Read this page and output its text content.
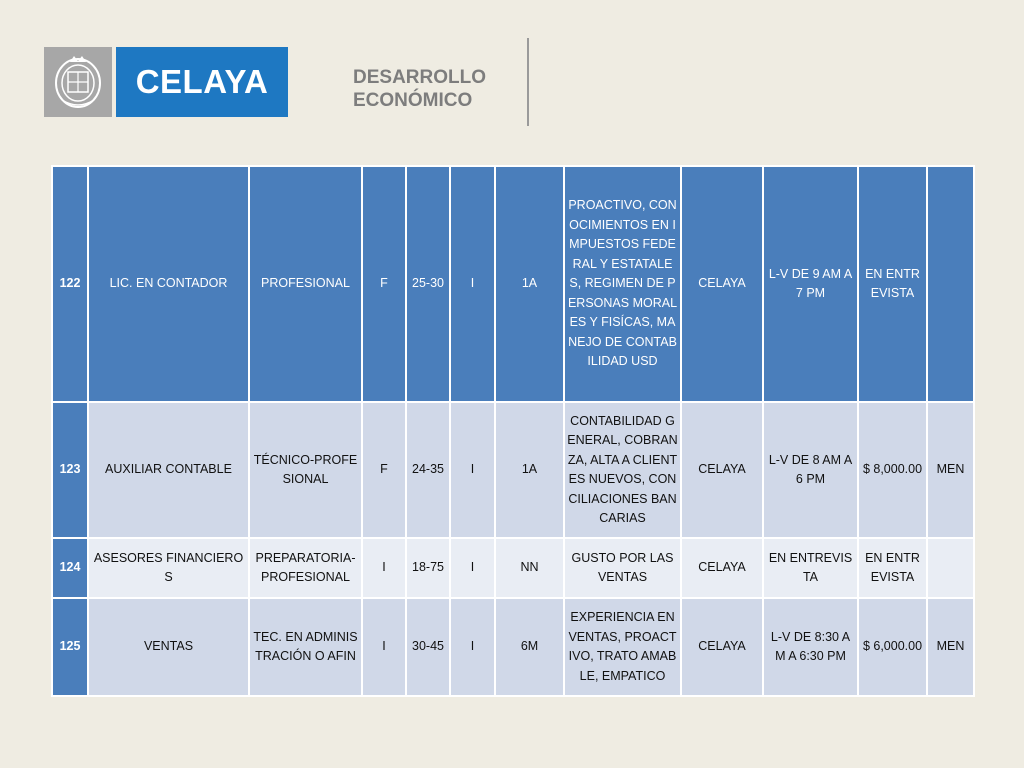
CELAYA	DESARROLLO
ECONÓMICO
122	LIC. EN CONTADOR	PROFESIONAL	F	25-30	I	1A	PROACTIVO, CONOCIMIENTOS EN IMPUESTOS FEDERAL Y ESTATALES, REGIMEN DE PERSONAS MORALES Y FISÍCAS, MANEJO DE CONTABILIDAD USD	CELAYA	L-V DE 9 AM A 7 PM	EN ENTREVISTA	
123	AUXILIAR CONTABLE	TÉCNICO-PROFESIONAL	F	24-35	I	1A	CONTABILIDAD GENERAL, COBRANZA, ALTA A CLIENTES NUEVOS, CONCILIACIONES BANCARIAS	CELAYA	L-V DE 8 AM A 6 PM	$ 8,000.00	MEN
124	ASESORES FINANCIEROS	PREPARATORIA-PROFESIONAL	I	18-75	I	NN	GUSTO POR LAS VENTAS	CELAYA	EN ENTREVISTA	EN ENTREVISTA	
125	VENTAS	TEC. EN ADMINISTRACIÓN O AFIN	I	30-45	I	6M	EXPERIENCIA EN VENTAS, PROACTIVO, TRATO AMABLE, EMPATICO	CELAYA	L-V DE 8:30 AM A 6:30 PM	$ 6,000.00	MEN
